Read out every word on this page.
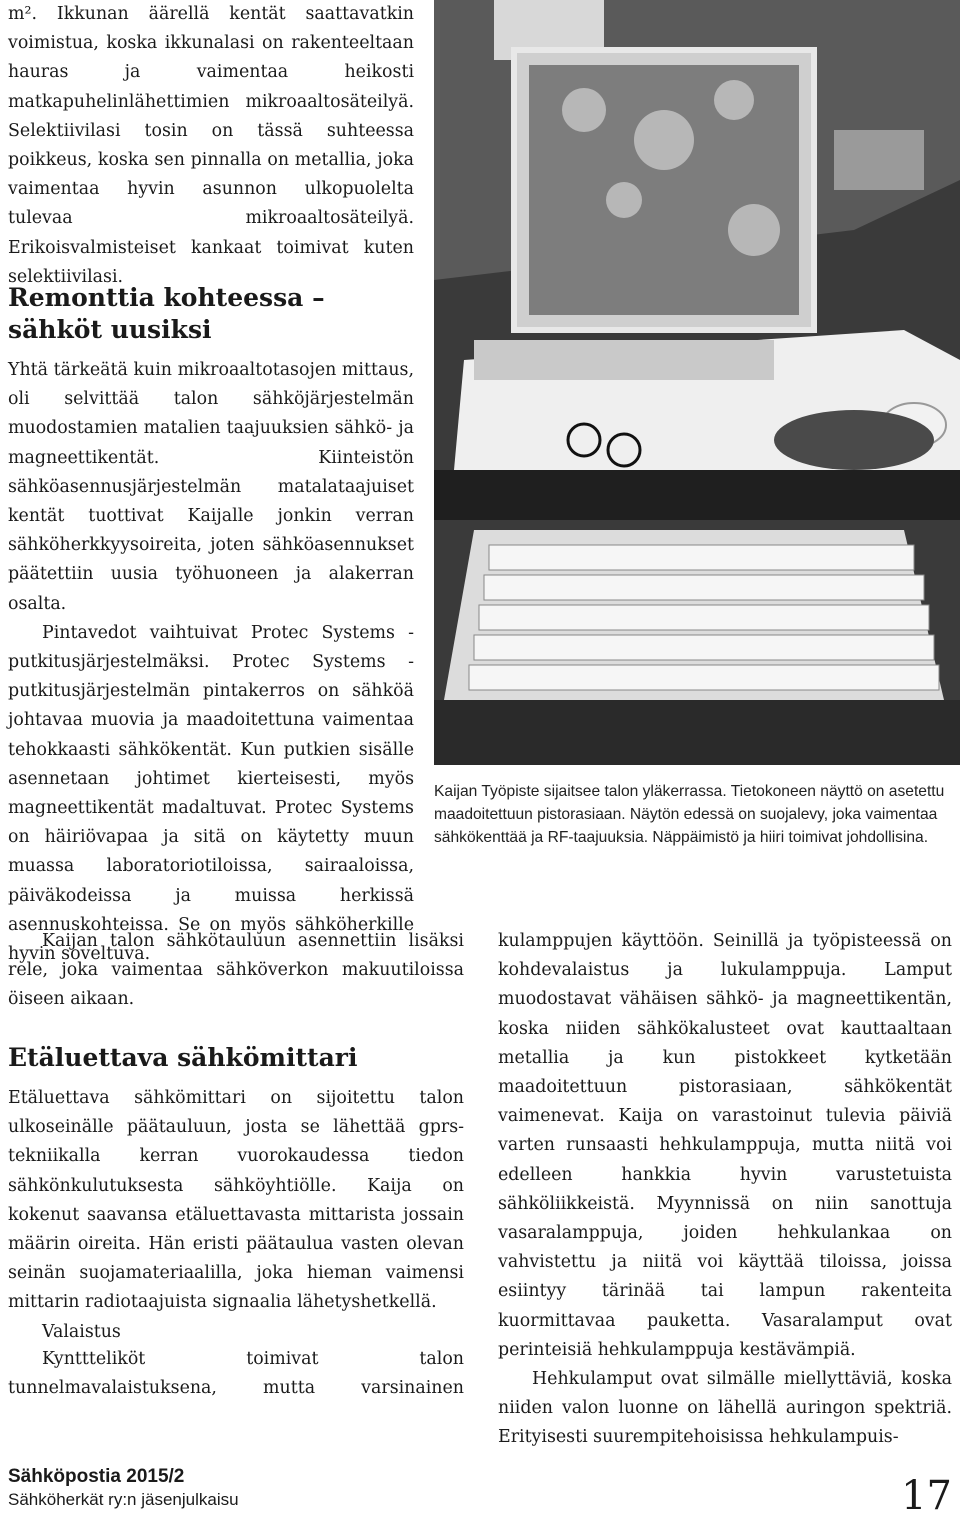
m². Ikkunan äärellä kentät saattavatkin voimistua, koska ikkunalasi on rakenteeltaan hauras ja vaimentaa heikosti matkapuhelinlähettimien mikroaaltosäteilyä. Selektiivilasi tosin on tässä suhteessa poikkeus, koska sen pinnalla on metallia, joka vaimentaa hyvin asunnon ulkopuolelta tulevaa mikroaaltosäteilyä. Erikoisvalmisteiset kankaat toimivat kuten selektiivilasi.

Remonttia kohteessa – sähköt uusiksi

Yhtä tärkeätä kuin mikroaaltotasojen mittaus, oli selvittää talon sähköjärjestelmän muodostamien matalien taajuuksien sähkö- ja magneettikentät. Kiinteistön sähköasennusjärjestelmän matalataajuiset kentät tuottivat Kaijalle jonkin verran sähköherkkyysoireita, joten sähköasennukset päätettiin uusia työhuoneen ja alakerran osalta.

Pintavedot vaihtuivat Protec Systems -putkitusjärjestelmäksi. Protec Systems -putkitusjärjestelmän pintakerros on sähköä johtavaa muovia ja maadoitettuna vaimentaa tehokkaasti sähkökentät. Kun putkien sisälle asennetaan johtimet kierteisesti, myös magneettikentät madaltuvat. Protec Systems on häiriövapaa ja sitä on käytetty muun muassa laboratoriotiloissa, sairaaloissa, päiväkodeissa ja muissa herkissä asennuskohteissa. Se on myös sähköherkille hyvin soveltuva.

Kaijan talon sähkötauluun asennettiin lisäksi rele, joka vaimentaa sähköverkon makuutiloissa öiseen aikaan.

Etäluettava sähkömittari

Etäluettava sähkömittari on sijoitettu talon ulkoseinälle päätauluun, josta se lähettää gprs-tekniikalla kerran vuorokaudessa tiedon sähkönkulutuksesta sähköyhtiölle. Kaija on kokenut saavansa etäluettavasta mittarista jossain määrin oireita. Hän eristi päätaulua vasten olevan seinän suojamateriaalilla, joka hieman vaimensi mittarin radiotaajuista signaalia lähetyshetkellä.

Valaistus

Kynttteliköt toimivat talon tunnelmavalaistuksena, mutta varsinainen

kulamppujen käyttöön. Seinillä ja työpisteessä on kohdevalaistus ja lukulamppuja. Lamput muodostavat vähäisen sähkö- ja magneettikentän, koska niiden sähkökalusteet ovat kauttaaltaan metallia ja kun pistokkeet kytketään maadoitettuun pistorasiaan, sähkökentät vaimenevat. Kaija on varastoinut tulevia päiviä varten runsaasti hehkulamppuja, mutta niitä voi edelleen hankkia hyvin varustetuista sähköliikkeistä. Myynnissä on niin sanottuja vasaralamppuja, joiden hehkulankaa on vahvistettu ja niitä voi käyttää tiloissa, joissa esiintyy tärinää tai lampun rakenteita kuormittavaa pauketta. Vasaralamput ovat perinteisiä hehkulamppuja kestävämpiä.

Hehkulamput ovat silmälle miellyttäviä, koska niiden valon luonne on lähellä auringon spektriä. Erityisesti suurempitehoisissa hehkulampuis-

Kaijan Työpiste sijaitsee talon yläkerrassa. Tietokoneen näyttö on asetettu maadoitettuun pistorasiaan. Näytön edessä on suojalevy, joka vaimentaa sähkökenttää ja RF-taajuuksia. Näppäimistö ja hiiri toimivat johdollisina.
Sähköpostia 2015/2
Sähköherkät ry:n jäsenjulkaisu	17
